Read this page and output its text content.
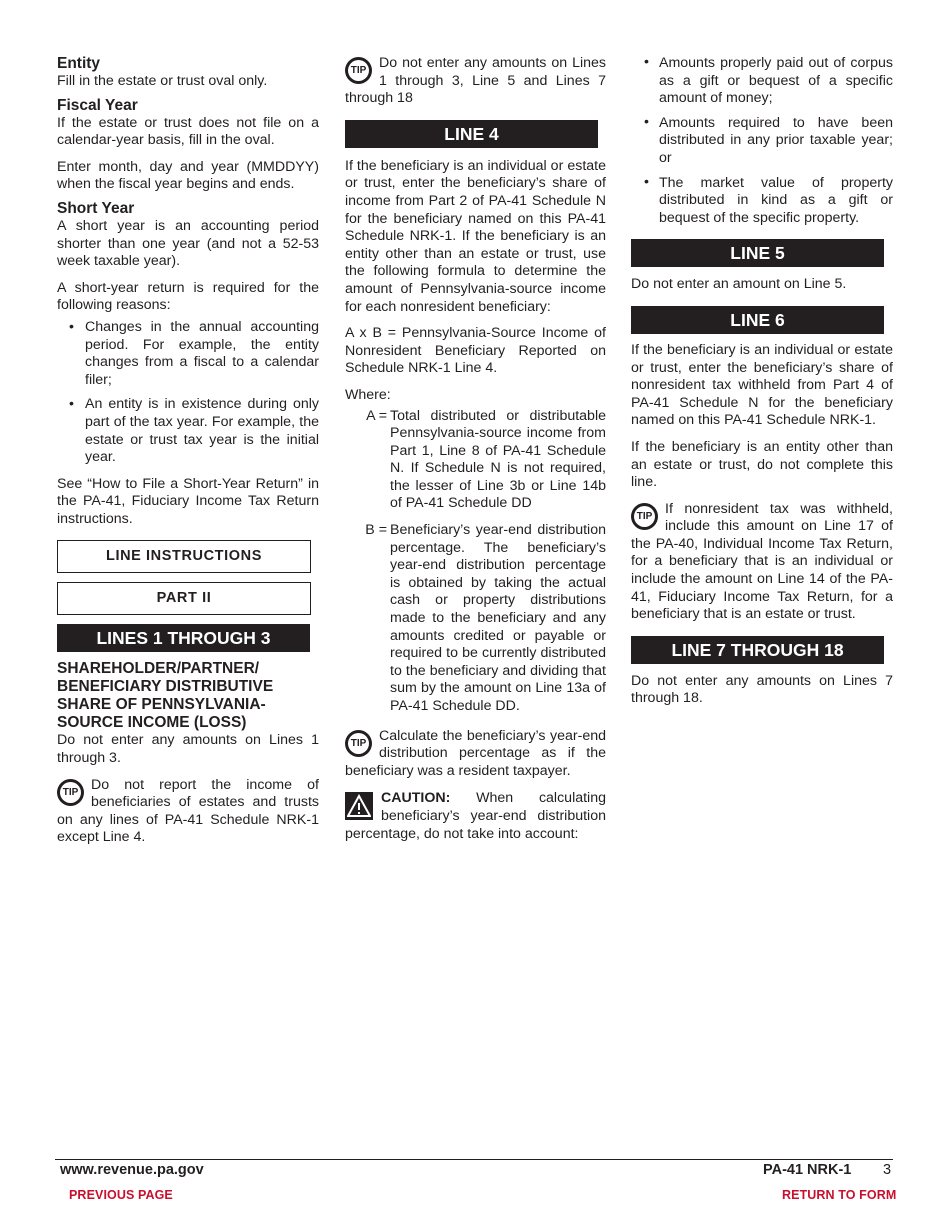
Entity

Fill in the estate or trust oval only.

Fiscal Year

If the estate or trust does not file on a calendar-year basis, fill in the oval.

Enter month, day and year (MMDDYY) when the fiscal year begins and ends.

Short Year

A short year is an accounting period shorter than one year (and not a 52-53 week taxable year).

A short-year return is required for the following reasons:

• Changes in the annual accounting period. For example, the entity changes from a fiscal to a calendar filer;
• An entity is in existence during only part of the tax year. For example, the estate or trust tax year is the initial year.

See “How to File a Short-Year Return” in the PA-41, Fiduciary Income Tax Return instructions.

LINE INSTRUCTIONS
PART II
LINES 1 THROUGH 3
SHAREHOLDER/PARTNER/ BENEFICIARY DISTRIBUTIVE SHARE OF PENNSYLVANIA-SOURCE INCOME (LOSS)

Do not enter any amounts on Lines 1 through 3.

TIP Do not report the income of beneficiaries of estates and trusts on any lines of PA-41 Schedule NRK-1 except Line 4.
TIP Do not enter any amounts on Lines 1 through 3, Line 5 and Lines 7 through 18
LINE 4

If the beneficiary is an individual or estate or trust, enter the beneficiary’s share of income from Part 2 of PA-41 Schedule N for the beneficiary named on this PA-41 Schedule NRK-1. If the beneficiary is an entity other than an estate or trust, use the following formula to determine the amount of Pennsylvania-source income for each nonresident beneficiary:

A x B = Pennsylvania-Source Income of Nonresident Beneficiary Reported on Schedule NRK-1 Line 4.

Where:

A = Total distributed or distributable Pennsylvania-source income from Part 1, Line 8 of PA-41 Schedule N. If Schedule N is not required, the lesser of Line 3b or Line 14b of PA-41 Schedule DD
B = Beneficiary’s year-end distribution percentage. The beneficiary’s year-end distribution percentage is obtained by taking the actual cash or property distributions made to the beneficiary and any amounts credited or payable or required to be currently distributed to the beneficiary and dividing that sum by the amount on Line 13a of PA-41 Schedule DD.
TIP Calculate the beneficiary’s year-end distribution percentage as if the beneficiary was a resident taxpayer.
CAUTION: When calculating beneficiary’s year-end distribution percentage, do not take into account:
• Amounts properly paid out of corpus as a gift or bequest of a specific amount of money;
• Amounts required to have been distributed in any prior taxable year; or
• The market value of property distributed in kind as a gift or bequest of the specific property.
LINE 5

Do not enter an amount on Line 5.

LINE 6

If the beneficiary is an individual or estate or trust, enter the beneficiary’s share of nonresident tax withheld from Part 4 of PA-41 Schedule N for the beneficiary named on this PA-41 Schedule NRK-1.

If the beneficiary is an entity other than an estate or trust, do not complete this line.

TIP If nonresident tax was withheld, include this amount on Line 17 of the PA-40, Individual Income Tax Return, for a beneficiary that is an individual or include the amount on Line 14 of the PA-41, Fiduciary Income Tax Return, for a beneficiary that is an estate or trust.
LINE 7 THROUGH 18

Do not enter any amounts on Lines 7 through 18.

www.revenue.pa.gov	PA-41 NRK-1 3
PREVIOUS PAGE	RETURN TO FORM
